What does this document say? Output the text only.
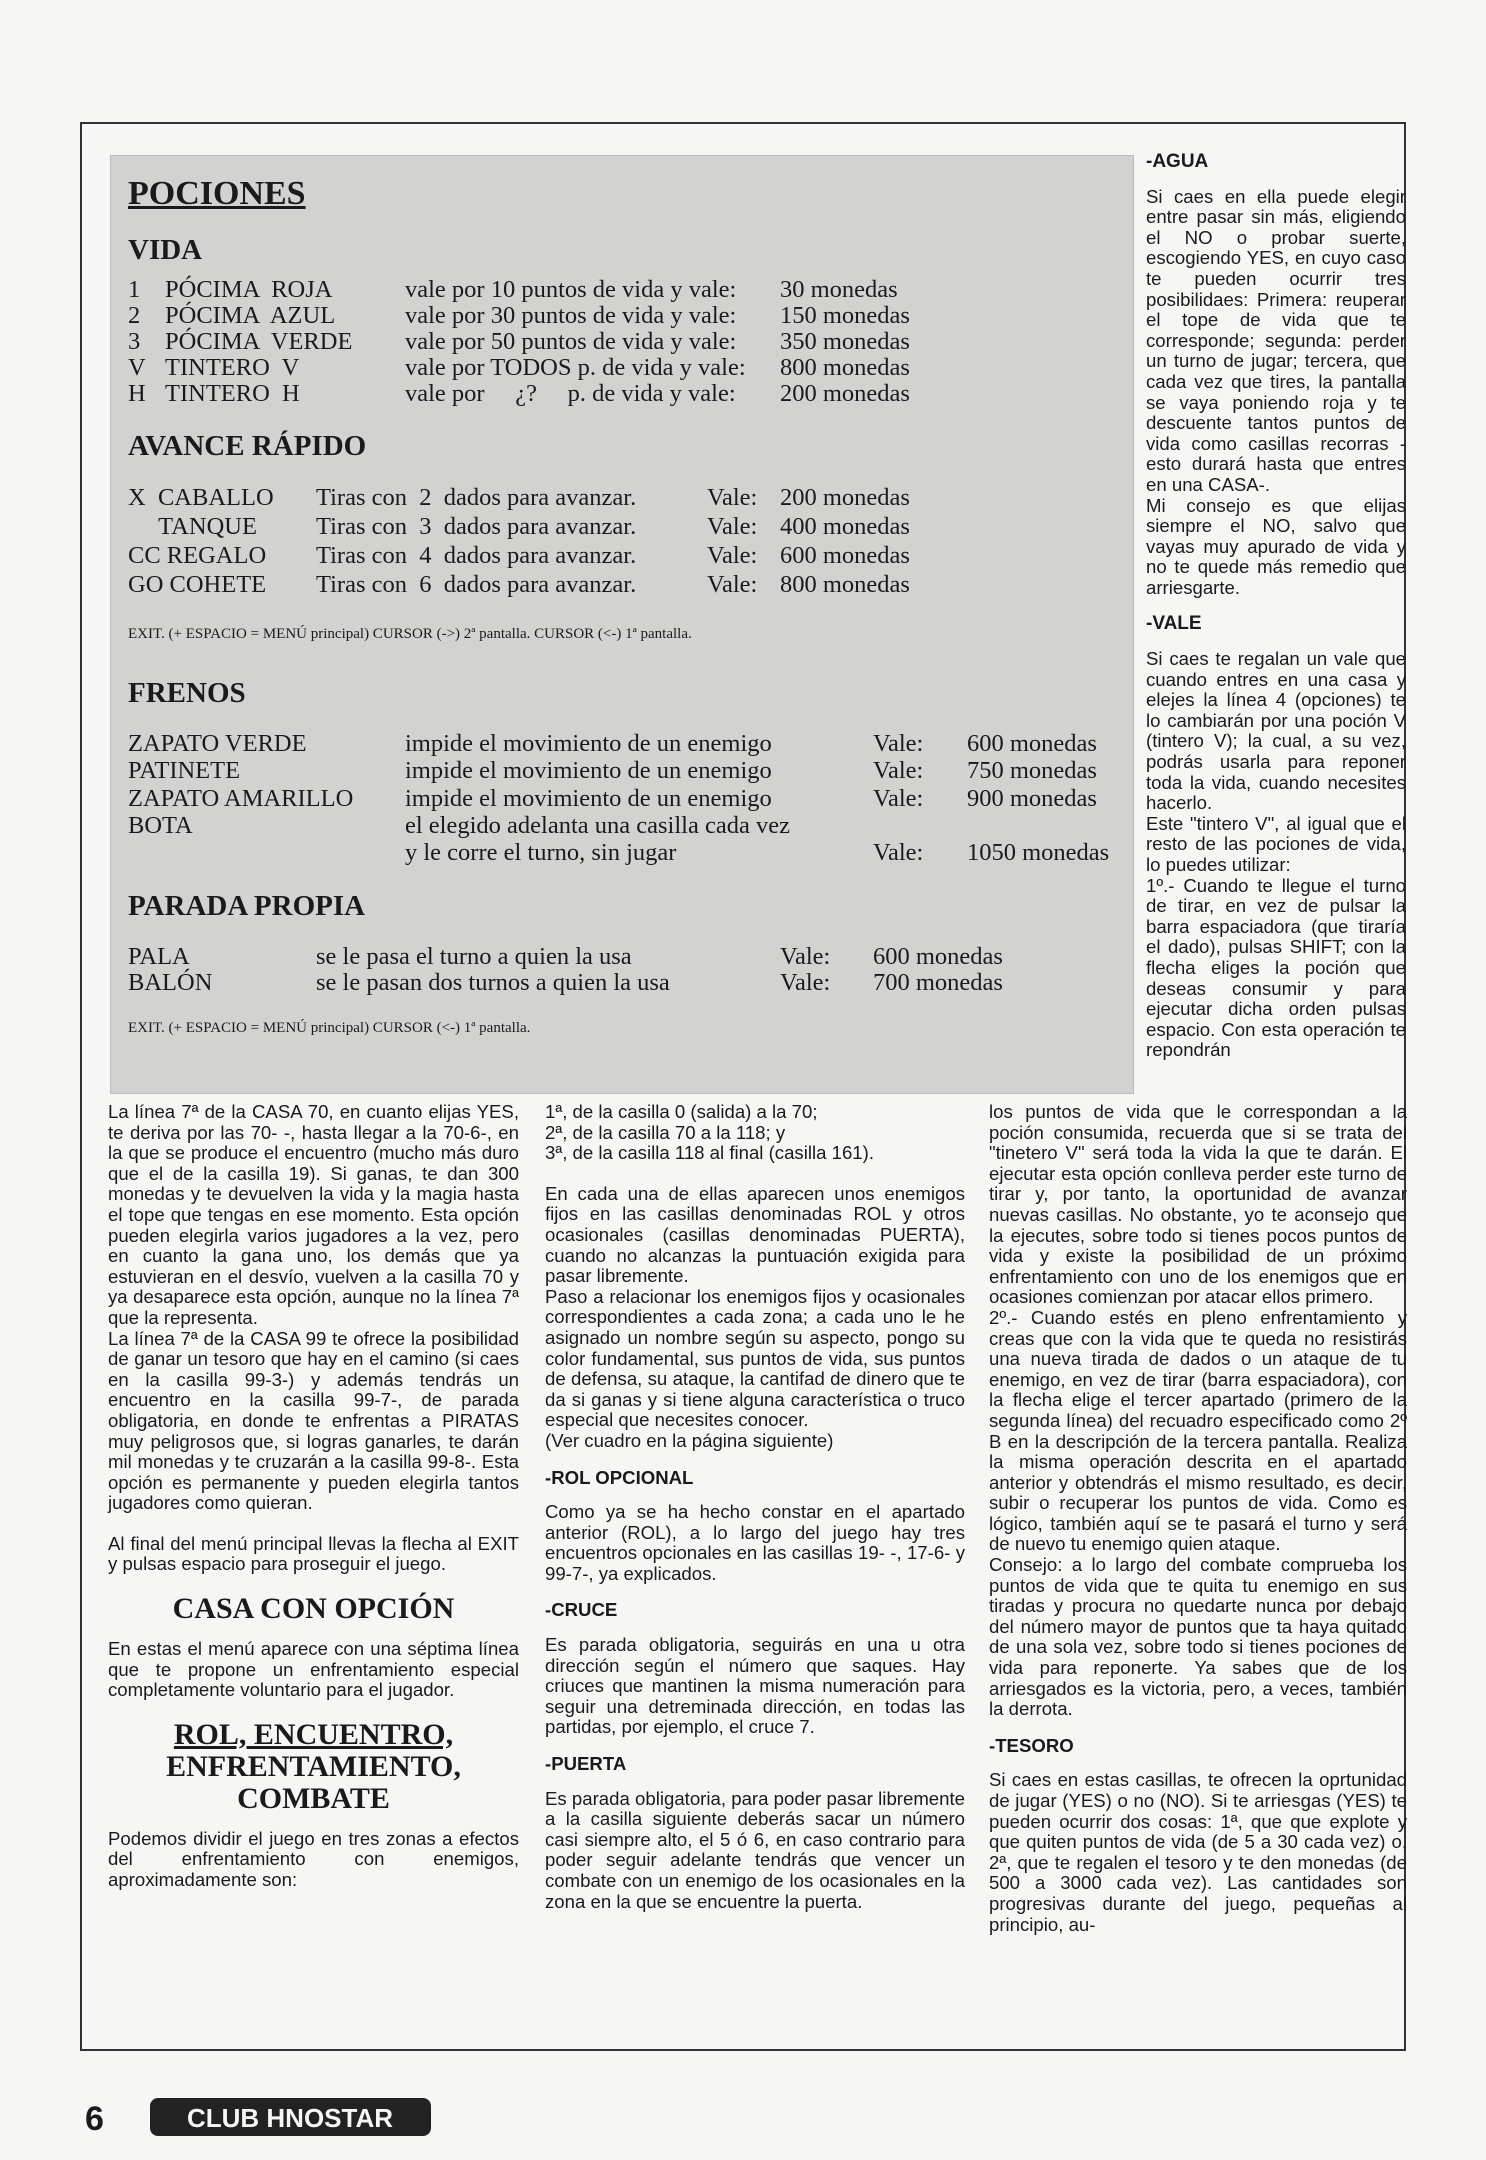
POCIONES
VIDA
AVANCE RÁPIDO
EXIT. (+ ESPACIO = MENÚ principal) CURSOR (->) 2ª pantalla. CURSOR (<-) 1ª pantalla.
FRENOS
PARADA PROPIA
EXIT. (+ ESPACIO = MENÚ principal) CURSOR (<-) 1ª pantalla.

La línea 7ª de la CASA 70, en cuanto elijas YES, te deriva por las 70- -, hasta llegar a la 70-6-, en la que se produce el encuentro (mucho más duro que el de la casilla 19). Si ganas, te dan 300 monedas y te devuelven la vida y la magia hasta el tope que tengas en ese momento. Esta opción pueden elegirla varios jugadores a la vez, pero en cuanto la gana uno, los demás que ya estuvieran en el desvío, vuelven a la casilla 70 y ya desaparece esta opción, aunque no la línea 7ª que la representa.

La línea 7ª de la CASA 99 te ofrece la posibilidad de ganar un tesoro que hay en el camino (si caes en la casilla 99-3-) y además tendrás un encuentro en la casilla 99-7-, de parada obligatoria, en donde te enfrentas a PIRATAS muy peligrosos que, si logras ganarles, te darán mil monedas y te cruzarán a la casilla 99-8-. Esta opción es permanente y pueden elegirla tantos jugadores como quieran.

Al final del menú principal llevas la flecha al EXIT y pulsas espacio para proseguir el juego.

CASA CON OPCIÓN

En estas el menú aparece con una séptima línea que te propone un enfrentamiento especial completamente voluntario para el jugador.

ROL, ENCUENTRO,
ENFRENTAMIENTO,
COMBATE

Podemos dividir el juego en tres zonas a efectos del enfrentamiento con enemigos, aproximadamente son:

1ª, de la casilla 0 (salida) a la 70;

2ª, de la casilla 70 a la 118; y

3ª, de la casilla 118 al final (casilla 161).

En cada una de ellas aparecen unos enemigos fijos en las casillas denominadas ROL y otros ocasionales (casillas denominadas PUERTA), cuando no alcanzas la puntuación exigida para pasar libremente.

Paso a relacionar los enemigos fijos y ocasionales correspondientes a cada zona; a cada uno le he asignado un nombre según su aspecto, pongo su color fundamental, sus puntos de vida, sus puntos de defensa, su ataque, la cantifad de dinero que te da si ganas y si tiene alguna característica o truco especial que necesites conocer.

(Ver cuadro en la página siguiente)

-ROL OPCIONAL

Como ya se ha hecho constar en el apartado anterior (ROL), a lo largo del juego hay tres encuentros opcionales en las casillas 19- -, 17-6- y 99-7-, ya explicados.

-CRUCE

Es parada obligatoria, seguirás en una u otra dirección según el número que saques. Hay criuces que mantinen la misma numeración para seguir una detreminada dirección, en todas las partidas, por ejemplo, el cruce 7.

-PUERTA

Es parada obligatoria, para poder pasar libremente a la casilla siguiente deberás sacar un número casi siempre alto, el 5 ó 6, en caso contrario para poder seguir adelante tendrás que vencer un combate con un enemigo de los ocasionales en la zona en la que se encuentre la puerta.

-AGUA

Si caes en ella puede elegir entre pasar sin más, eligiendo el NO o probar suerte, escogiendo YES, en cuyo caso te pueden ocurrir tres posibilidaes: Primera: reuperar el tope de vida que te corresponde; segunda: perder un turno de jugar; tercera, que cada vez que tires, la pantalla se vaya poniendo roja y te descuente tantos puntos de vida como casillas recorras -esto durará hasta que entres en una CASA-.

Mi consejo es que elijas siempre el NO, salvo que vayas muy apurado de vida y no te quede más remedio que arriesgarte.

-VALE

Si caes te regalan un vale que cuando entres en una casa y elejes la línea 4 (opciones) te lo cambiarán por una poción V (tintero V); la cual, a su vez, podrás usarla para reponer toda la vida, cuando necesites hacerlo.

Este "tintero V", al igual que el resto de las pociones de vida, lo puedes utilizar:

1º.- Cuando te llegue el turno de tirar, en vez de pulsar la barra espaciadora (que tiraría el dado), pulsas SHIFT; con la flecha eliges la poción que deseas consumir y para ejecutar dicha orden pulsas espacio. Con esta operación te repondrán

los puntos de vida que le correspondan a la poción consumida, recuerda que si se trata del "tinetero V" será toda la vida la que te darán. El ejecutar esta opción conlleva perder este turno de tirar y, por tanto, la oportunidad de avanzar nuevas casillas. No obstante, yo te aconsejo que la ejecutes, sobre todo si tienes pocos puntos de vida y existe la posibilidad de un próximo enfrentamiento con uno de los enemigos que en ocasiones comienzan por atacar ellos primero.

2º.- Cuando estés en pleno enfrentamiento y creas que con la vida que te queda no resistirás una nueva tirada de dados o un ataque de tu enemigo, en vez de tirar (barra espaciadora), con la flecha elige el tercer apartado (primero de la segunda línea) del recuadro especificado como 2º B en la descripción de la tercera pantalla. Realiza la misma operación descrita en el apartado anterior y obtendrás el mismo resultado, es decir, subir o recuperar los puntos de vida. Como es lógico, también aquí se te pasará el turno y será de nuevo tu enemigo quien ataque.

Consejo: a lo largo del combate comprueba los puntos de vida que te quita tu enemigo en sus tiradas y procura no quedarte nunca por debajo del número mayor de puntos que ta haya quitado de una sola vez, sobre todo si tienes pociones de vida para reponerte. Ya sabes que de los arriesgados es la victoria, pero, a veces, también la derrota.

-TESORO

Si caes en estas casillas, te ofrecen la oprtunidad de jugar (YES) o no (NO). Si te arriesgas (YES) te pueden ocurrir dos cosas: 1ª, que que explote y que quiten puntos de vida (de 5 a 30 cada vez) o, 2ª, que te regalen el tesoro y te den monedas (de 500 a 3000 cada vez). Las cantidades son progresivas durante del juego, pequeñas al principio, au-

6	CLUB HNOSTAR
1 PÓCIMA  ROJA	vale por 10 puntos de vida y vale: 30 monedas
2 PÓCIMA  AZUL	vale por 30 puntos de vida y vale: 150 monedas
3 PÓCIMA  VERDE vale por 50 puntos de vida y vale: 350 monedas
V TINTERO  V	vale por TODOS p. de vida y vale: 800 monedas
H TINTERO  H	vale por     ¿?     p. de vida y vale: 200 monedas
X  CABALLO Tiras con  2  dados para avanzar.	Vale: 200 monedas
TANQUE Tiras con  3  dados para avanzar.	Vale: 400 monedas
CC REGALO Tiras con  4  dados para avanzar.	Vale: 600 monedas
GO COHETE Tiras con  6  dados para avanzar.	Vale: 800 monedas
ZAPATO VERDE	impide el movimiento de un enemigo	Vale: 600 monedas
PATINETE	impide el movimiento de un enemigo	Vale: 750 monedas
ZAPATO AMARILLO impide el movimiento de un enemigo	Vale: 900 monedas
BOTA	el elegido adelanta una casilla cada vez
y le corre el turno, sin jugar	Vale: 1050 monedas
PALA	se le pasa el turno a quien la usa	Vale: 600 monedas
BALÓN	se le pasan dos turnos a quien la usa	Vale: 700 monedas
